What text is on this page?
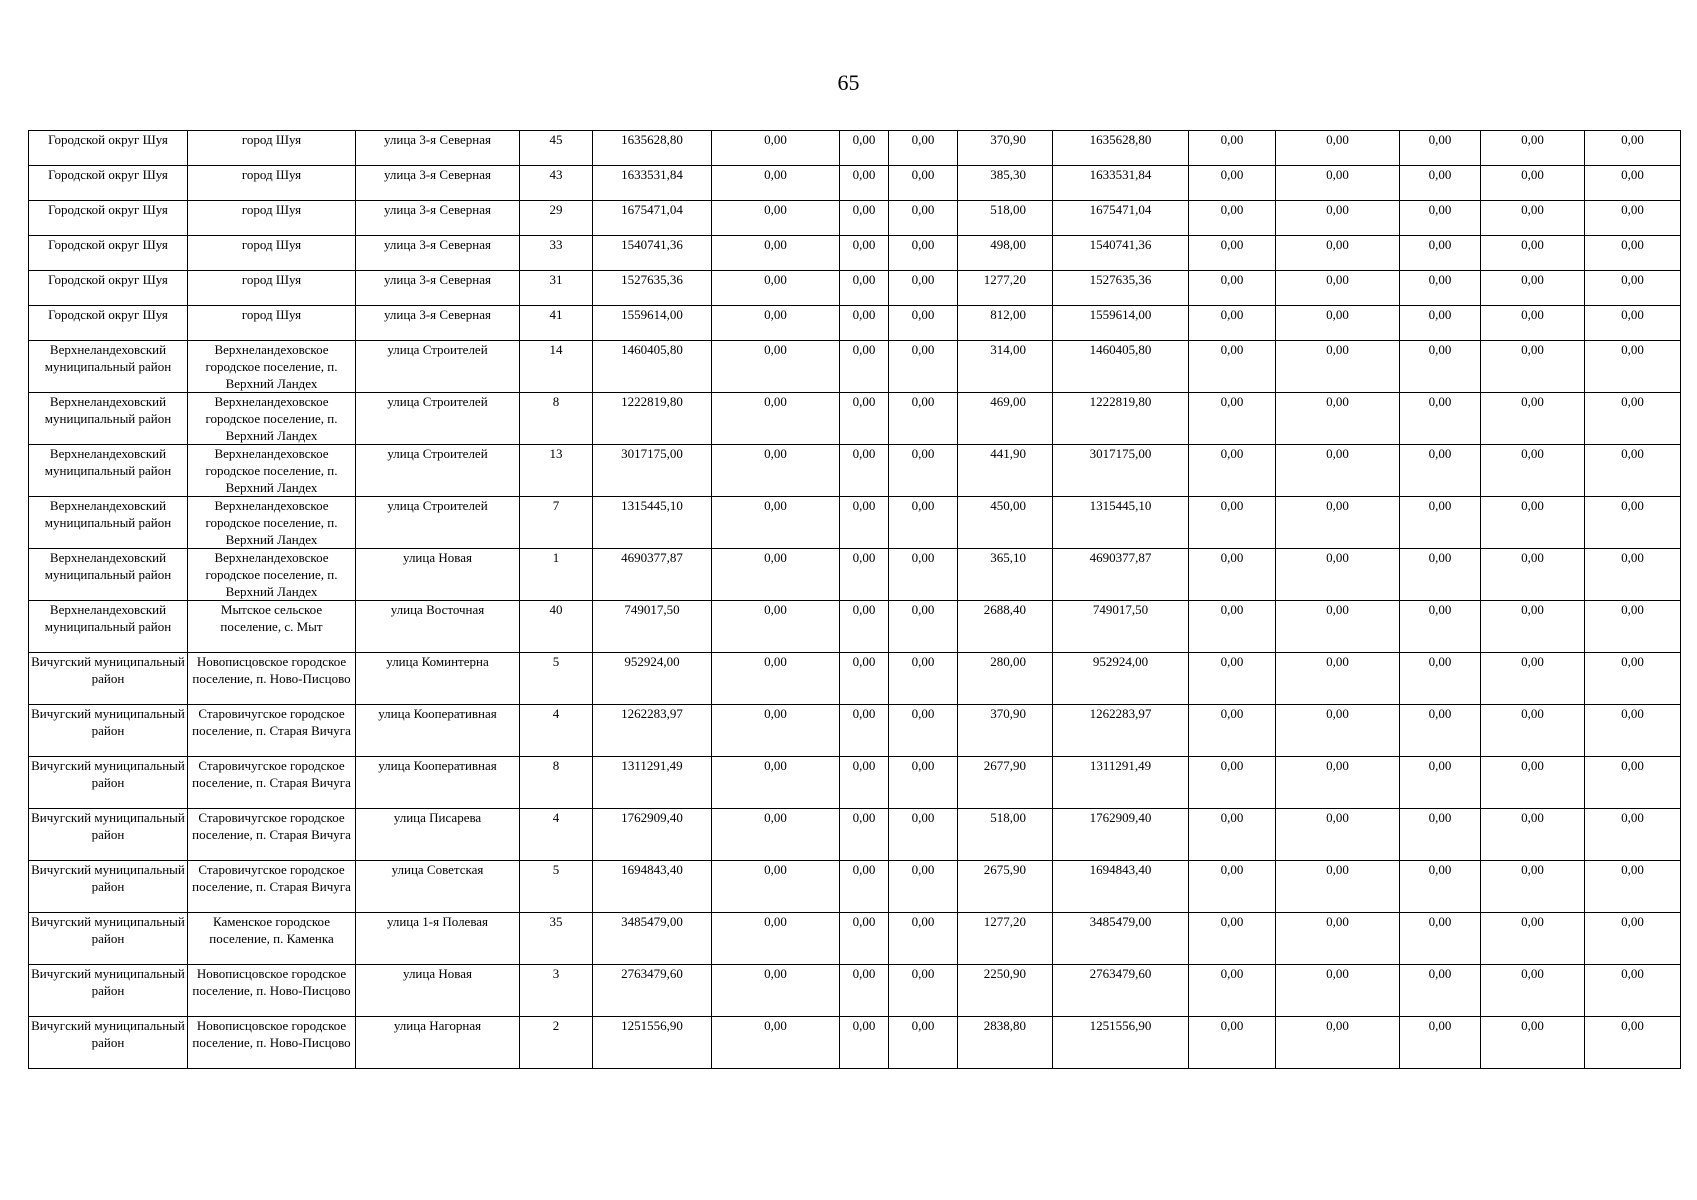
65
Городской округ Шуя	город Шуя	улица 3-я Северная	45	1635628,80	0,00	0,00	0,00	370,90	1635628,80	0,00	0,00	0,00	0,00	0,00
Городской округ Шуя	город Шуя	улица 3-я Северная	43	1633531,84	0,00	0,00	0,00	385,30	1633531,84	0,00	0,00	0,00	0,00	0,00
Городской округ Шуя	город Шуя	улица 3-я Северная	29	1675471,04	0,00	0,00	0,00	518,00	1675471,04	0,00	0,00	0,00	0,00	0,00
Городской округ Шуя	город Шуя	улица 3-я Северная	33	1540741,36	0,00	0,00	0,00	498,00	1540741,36	0,00	0,00	0,00	0,00	0,00
Городской округ Шуя	город Шуя	улица 3-я Северная	31	1527635,36	0,00	0,00	0,00	1277,20	1527635,36	0,00	0,00	0,00	0,00	0,00
Городской округ Шуя	город Шуя	улица 3-я Северная	41	1559614,00	0,00	0,00	0,00	812,00	1559614,00	0,00	0,00	0,00	0,00	0,00
Верхнеландеховский муниципальный район	Верхнеландеховское городское поселение, п. Верхний Ландех	улица Строителей	14	1460405,80	0,00	0,00	0,00	314,00	1460405,80	0,00	0,00	0,00	0,00	0,00
Верхнеландеховский муниципальный район	Верхнеландеховское городское поселение, п. Верхний Ландех	улица Строителей	8	1222819,80	0,00	0,00	0,00	469,00	1222819,80	0,00	0,00	0,00	0,00	0,00
Верхнеландеховский муниципальный район	Верхнеландеховское городское поселение, п. Верхний Ландех	улица Строителей	13	3017175,00	0,00	0,00	0,00	441,90	3017175,00	0,00	0,00	0,00	0,00	0,00
Верхнеландеховский муниципальный район	Верхнеландеховское городское поселение, п. Верхний Ландех	улица Строителей	7	1315445,10	0,00	0,00	0,00	450,00	1315445,10	0,00	0,00	0,00	0,00	0,00
Верхнеландеховский муниципальный район	Верхнеландеховское городское поселение, п. Верхний Ландех	улица Новая	1	4690377,87	0,00	0,00	0,00	365,10	4690377,87	0,00	0,00	0,00	0,00	0,00
Верхнеландеховский муниципальный район	Мытское сельское поселение, с. Мыт	улица Восточная	40	749017,50	0,00	0,00	0,00	2688,40	749017,50	0,00	0,00	0,00	0,00	0,00
Вичугский муниципальный район	Новописцовское городское поселение, п. Ново-Писцово	улица Коминтерна	5	952924,00	0,00	0,00	0,00	280,00	952924,00	0,00	0,00	0,00	0,00	0,00
Вичугский муниципальный район	Старовичугское городское поселение, п. Старая Вичуга	улица Кооперативная	4	1262283,97	0,00	0,00	0,00	370,90	1262283,97	0,00	0,00	0,00	0,00	0,00
Вичугский муниципальный район	Старовичугское городское поселение, п. Старая Вичуга	улица Кооперативная	8	1311291,49	0,00	0,00	0,00	2677,90	1311291,49	0,00	0,00	0,00	0,00	0,00
Вичугский муниципальный район	Старовичугское городское поселение, п. Старая Вичуга	улица Писарева	4	1762909,40	0,00	0,00	0,00	518,00	1762909,40	0,00	0,00	0,00	0,00	0,00
Вичугский муниципальный район	Старовичугское городское поселение, п. Старая Вичуга	улица Советская	5	1694843,40	0,00	0,00	0,00	2675,90	1694843,40	0,00	0,00	0,00	0,00	0,00
Вичугский муниципальный район	Каменское городское поселение, п. Каменка	улица 1-я Полевая	35	3485479,00	0,00	0,00	0,00	1277,20	3485479,00	0,00	0,00	0,00	0,00	0,00
Вичугский муниципальный район	Новописцовское городское поселение, п. Ново-Писцово	улица Новая	3	2763479,60	0,00	0,00	0,00	2250,90	2763479,60	0,00	0,00	0,00	0,00	0,00
Вичугский муниципальный район	Новописцовское городское поселение, п. Ново-Писцово	улица Нагорная	2	1251556,90	0,00	0,00	0,00	2838,80	1251556,90	0,00	0,00	0,00	0,00	0,00
